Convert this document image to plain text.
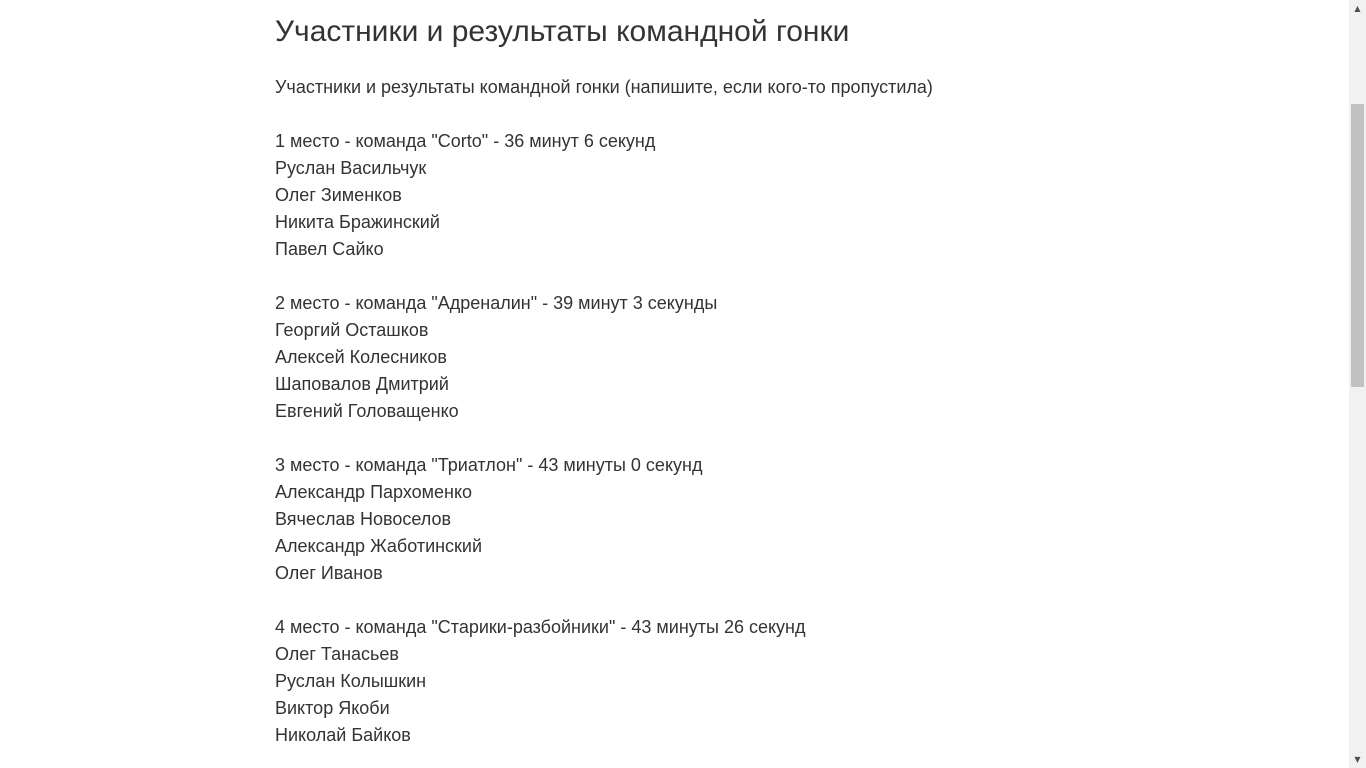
Участники и результаты командной гонки
Участники и результаты командной гонки (напишите, если кого-то пропустила)
1 место - команда "Corto" - 36 минут 6 секунд
Руслан Васильчук
Олег Зименков
Никита Бражинский
Павел Сайко
2 место - команда "Адреналин" - 39 минут 3 секунды
Георгий Осташков
Алексей Колесников
Шаповалов Дмитрий
Евгений Головащенко
3 место - команда "Триатлон" - 43 минуты 0 секунд
Александр Пархоменко
Вячеслав Новоселов
Александр Жаботинский
Олег Иванов
4 место - команда "Старики-разбойники" - 43 минуты 26 секунд
Олег Танасьев
Руслан Колышкин
Виктор Якоби
Николай Байков
▲
▼
